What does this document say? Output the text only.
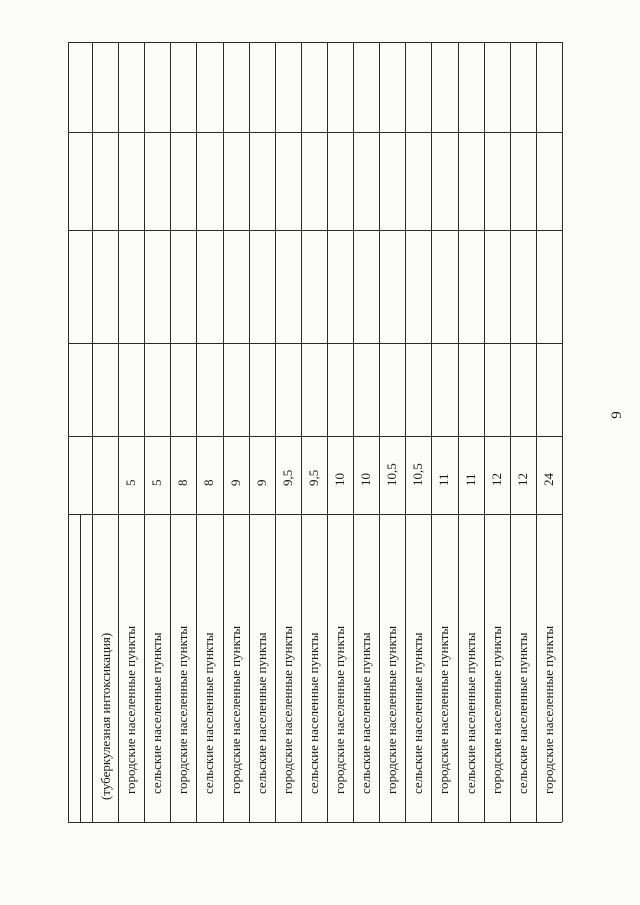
9
(туберкулезная интоксикация) городские населенные пункты
5
сельские населенные пункты
5
городские населенные пункты
8
сельские населенные пункты
8
городские населенные пункты
9
сельские населенные пункты
9
городские населенные пункты
9,5
сельские населенные пункты
9,5
городские населенные пункты
10
сельские населенные пункты
10
городские населенные пункты
10,5
сельские населенные пункты
10,5
городские населенные пункты
11
сельские населенные пункты
11
городские населенные пункты
12
сельские населенные пункты
12
городские населенные пункты
24
